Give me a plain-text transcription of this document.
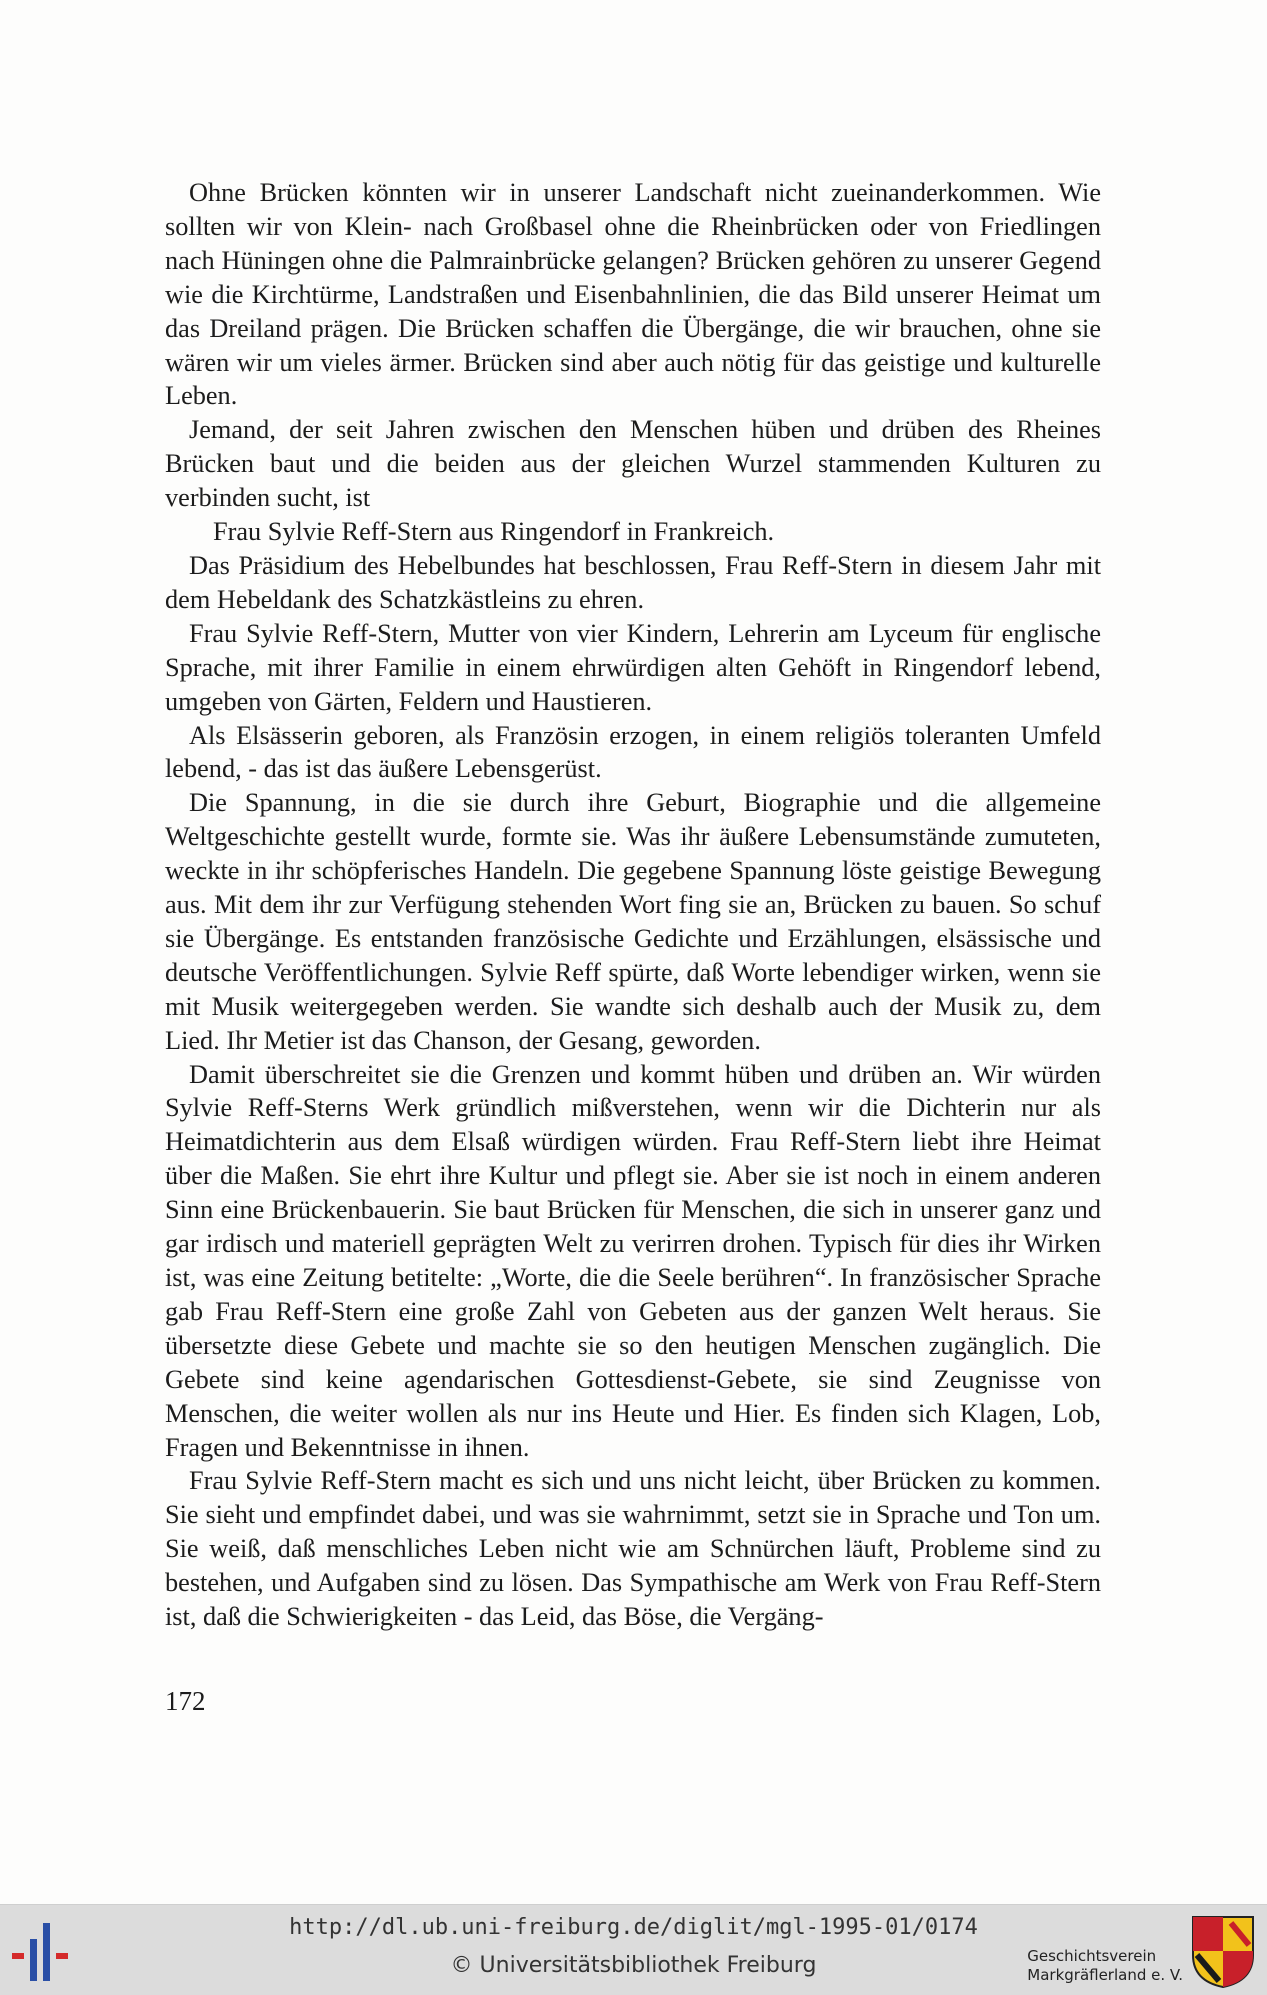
Ohne Brücken könnten wir in unserer Landschaft nicht zueinanderkommen. Wie sollten wir von Klein- nach Großbasel ohne die Rheinbrücken oder von Friedlingen nach Hüningen ohne die Palmrainbrücke gelangen? Brücken gehören zu unserer Gegend wie die Kirchtürme, Landstraßen und Eisenbahnlinien, die das Bild unserer Heimat um das Dreiland prägen. Die Brücken schaffen die Übergänge, die wir brauchen, ohne sie wären wir um vieles ärmer. Brücken sind aber auch nötig für das geistige und kulturelle Leben.

Jemand, der seit Jahren zwischen den Menschen hüben und drüben des Rheines Brücken baut und die beiden aus der gleichen Wurzel stammenden Kulturen zu verbinden sucht, ist

Frau Sylvie Reff-Stern aus Ringendorf in Frankreich.

Das Präsidium des Hebelbundes hat beschlossen, Frau Reff-Stern in diesem Jahr mit dem Hebeldank des Schatzkästleins zu ehren.

Frau Sylvie Reff-Stern, Mutter von vier Kindern, Lehrerin am Lyceum für englische Sprache, mit ihrer Familie in einem ehrwürdigen alten Gehöft in Ringendorf lebend, umgeben von Gärten, Feldern und Haustieren.

Als Elsässerin geboren, als Französin erzogen, in einem religiös toleranten Umfeld lebend, - das ist das äußere Lebensgerüst.

Die Spannung, in die sie durch ihre Geburt, Biographie und die allgemeine Weltgeschichte gestellt wurde, formte sie. Was ihr äußere Lebensumstände zumuteten, weckte in ihr schöpferisches Handeln. Die gegebene Spannung löste geistige Bewegung aus. Mit dem ihr zur Verfügung stehenden Wort fing sie an, Brücken zu bauen. So schuf sie Übergänge. Es entstanden französische Gedichte und Erzählungen, elsässische und deutsche Veröffentlichungen. Sylvie Reff spürte, daß Worte lebendiger wirken, wenn sie mit Musik weitergegeben werden. Sie wandte sich deshalb auch der Musik zu, dem Lied. Ihr Metier ist das Chanson, der Gesang, geworden.

Damit überschreitet sie die Grenzen und kommt hüben und drüben an. Wir würden Sylvie Reff-Sterns Werk gründlich mißverstehen, wenn wir die Dichterin nur als Heimatdichterin aus dem Elsaß würdigen würden. Frau Reff-Stern liebt ihre Heimat über die Maßen. Sie ehrt ihre Kultur und pflegt sie. Aber sie ist noch in einem anderen Sinn eine Brückenbauerin. Sie baut Brücken für Menschen, die sich in unserer ganz und gar irdisch und materiell geprägten Welt zu verirren drohen. Typisch für dies ihr Wirken ist, was eine Zeitung betitelte: „Worte, die die Seele berühren“. In französischer Sprache gab Frau Reff-Stern eine große Zahl von Gebeten aus der ganzen Welt heraus. Sie übersetzte diese Gebete und machte sie so den heutigen Menschen zugänglich. Die Gebete sind keine agendarischen Gottesdienst-Gebete, sie sind Zeugnisse von Menschen, die weiter wollen als nur ins Heute und Hier. Es finden sich Klagen, Lob, Fragen und Bekenntnisse in ihnen.

Frau Sylvie Reff-Stern macht es sich und uns nicht leicht, über Brücken zu kommen. Sie sieht und empfindet dabei, und was sie wahrnimmt, setzt sie in Sprache und Ton um. Sie weiß, daß menschliches Leben nicht wie am Schnürchen läuft, Probleme sind zu bestehen, und Aufgaben sind zu lösen. Das Sympathische am Werk von Frau Reff-Stern ist, daß die Schwierigkeiten - das Leid, das Böse, die Vergäng-

172
http://dl.ub.uni-freiburg.de/diglit/mgl-1995-01/0174
© Universitätsbibliothek Freiburg	Geschichtsverein
Markgräflerland e. V.
